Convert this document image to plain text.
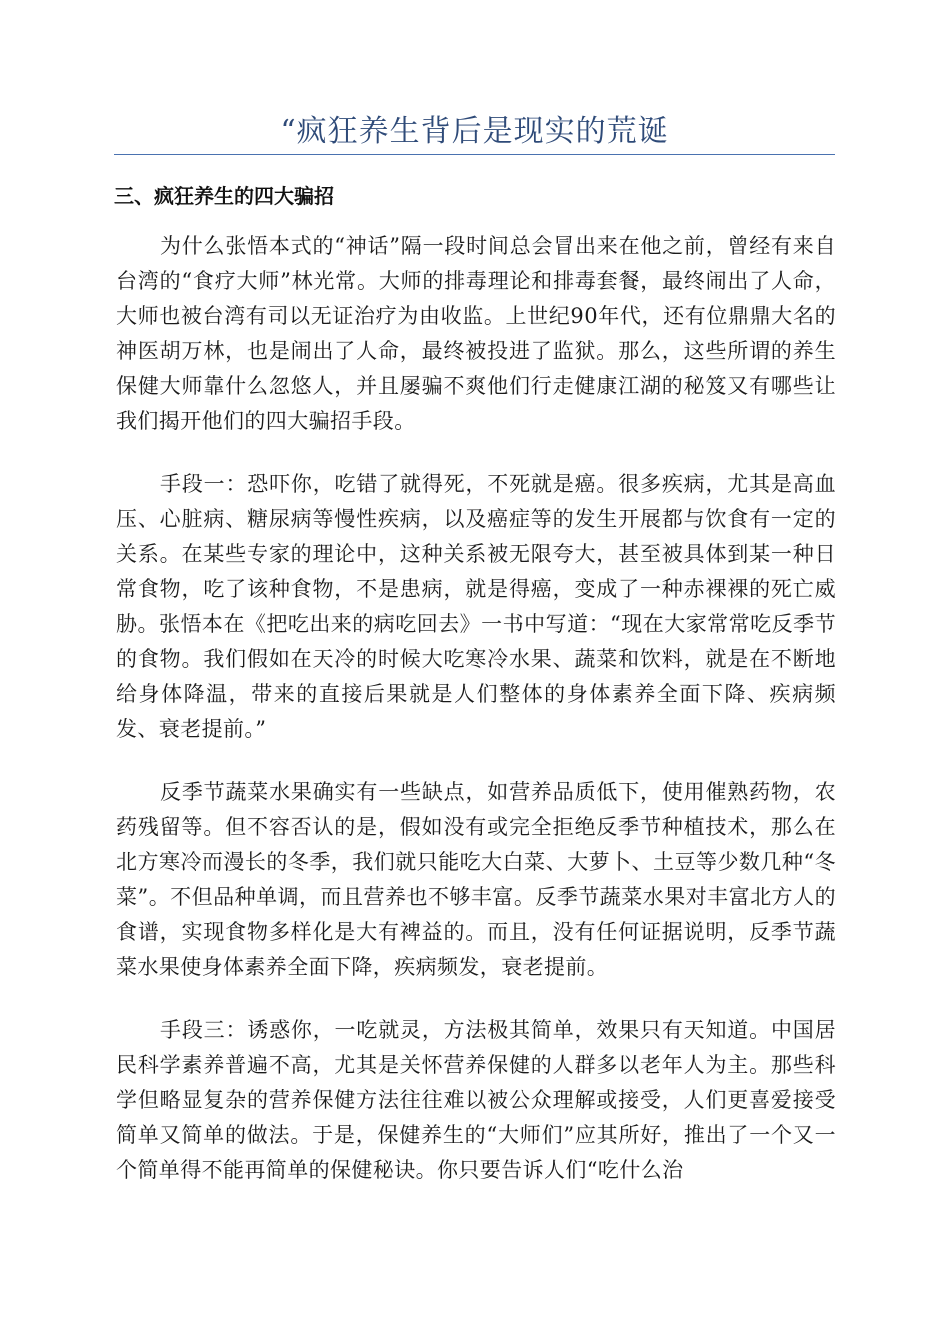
“疯狂养生背后是现实的荒诞
三、疯狂养生的四大骗招

为什么张悟本式的“神话”隔一段时间总会冒出来在他之前，曾经有来自台湾的“食疗大师”林光常。大师的排毒理论和排毒套餐，最终闹出了人命，大师也被台湾有司以无证治疗为由收监。上世纪90年代，还有位鼎鼎大名的神医胡万林，也是闹出了人命，最终被投进了监狱。那么，这些所谓的养生保健大师靠什么忽悠人，并且屡骗不爽他们行走健康江湖的秘笈又有哪些让我们揭开他们的四大骗招手段。

手段一：恐吓你，吃错了就得死，不死就是癌。很多疾病，尤其是高血压、心脏病、糖尿病等慢性疾病，以及癌症等的发生开展都与饮食有一定的关系。在某些专家的理论中，这种关系被无限夸大，甚至被具体到某一种日常食物，吃了该种食物，不是患病，就是得癌，变成了一种赤裸裸的死亡威胁。张悟本在《把吃出来的病吃回去》一书中写道：“现在大家常常吃反季节的食物。我们假如在天冷的时候大吃寒冷水果、蔬菜和饮料，就是在不断地给身体降温，带来的直接后果就是人们整体的身体素养全面下降、疾病频发、衰老提前。”

反季节蔬菜水果确实有一些缺点，如营养品质低下，使用催熟药物，农药残留等。但不容否认的是，假如没有或完全拒绝反季节种植技术，那么在北方寒冷而漫长的冬季，我们就只能吃大白菜、大萝卜、土豆等少数几种“冬菜”。不但品种单调，而且营养也不够丰富。反季节蔬菜水果对丰富北方人的食谱，实现食物多样化是大有裨益的。而且，没有任何证据说明，反季节蔬菜水果使身体素养全面下降，疾病频发，衰老提前。

手段三：诱惑你，一吃就灵，方法极其简单，效果只有天知道。中国居民科学素养普遍不高，尤其是关怀营养保健的人群多以老年人为主。那些科学但略显复杂的营养保健方法往往难以被公众理解或接受，人们更喜爱接受简单又简单的做法。于是，保健养生的“大师们”应其所好，推出了一个又一个简单得不能再简单的保健秘诀。你只要告诉人们“吃什么治
